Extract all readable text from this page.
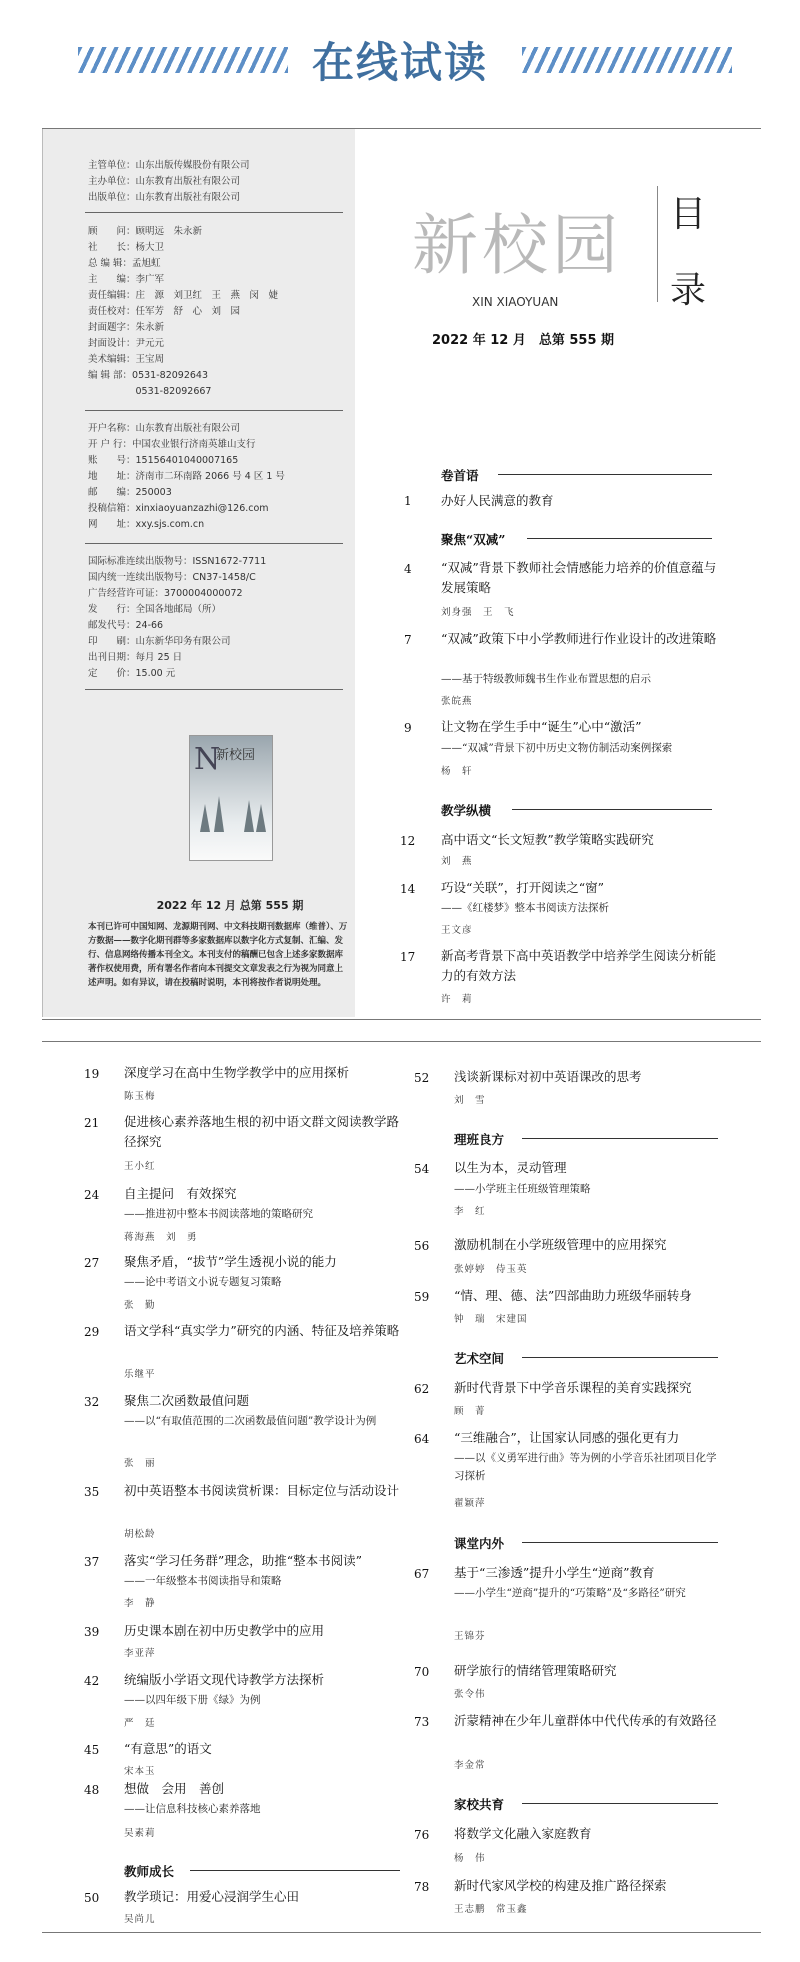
在线试读
主管单位：山东出版传媒股份有限公司
主办单位：山东教育出版社有限公司
出版单位：山东教育出版社有限公司
顾　　问：顾明远　朱永新
社　　长：杨大卫
总 编 辑：孟旭虹
主　　编：李广军
责任编辑：庄　源　刘卫红　王　燕　闵　婕
责任校对：任军芳　舒　心　刘　园
封面题字：朱永新
封面设计：尹元元
美术编辑：王宝周
编 辑 部：0531-82092643
　　　　　0531-82092667
开户名称：山东教育出版社有限公司
开 户 行：中国农业银行济南英雄山支行
账　　号：15156401040007165
地　　址：济南市二环南路 2066 号 4 区 1 号
邮　　编：250003
投稿信箱：xinxiaoyuanzazhi@126.com
网　　址：xxy.sjs.com.cn
国际标准连续出版物号：ISSN1672-7711
国内统一连续出版物号：CN37-1458/C
广告经营许可证：3700004000072
发　　行：全国各地邮局（所）
邮发代号：24-66
印　　刷：山东新华印务有限公司
出刊日期：每月 25 日
定　　价：15.00 元
N
新校园
2022 年 12 月 总第 555 期
本刊已许可中国知网、龙源期刊网、中文科技期刊数据库（维普）、万方数据——数字化期刊群等多家数据库以数字化方式复制、汇编、发行、信息网络传播本刊全文。本刊支付的稿酬已包含上述多家数据库著作权使用费，所有署名作者向本刊提交文章发表之行为视为同意上述声明。如有异议，请在投稿时说明，本刊将按作者说明处理。
新校园
XIN XIAOYUAN
目
录
2022 年 12 月　总第 555 期
卷首语
1 办好人民满意的教育
聚焦“双减”
4 “双减”背景下教师社会情感能力培养的价值意蕴与发展策略
刘身强　王　飞
7 “双减”政策下中小学教师进行作业设计的改进策略
——基于特级教师魏书生作业布置思想的启示
张皖燕
9 让文物在学生手中“诞生”心中“激活”
——“双减”背景下初中历史文物仿制活动案例探索
杨　轩
教学纵横
12 高中语文“长文短教”教学策略实践研究
刘　燕
14 巧设“关联”，打开阅读之“窗”
——《红楼梦》整本书阅读方法探析
王文彦
17 新高考背景下高中英语教学中培养学生阅读分析能力的有效方法
许　莉
19 深度学习在高中生物学教学中的应用探析
陈玉梅
21 促进核心素养落地生根的初中语文群文阅读教学路径探究
王小红
24 自主提问　有效探究
——推进初中整本书阅读落地的策略研究
蒋海燕　刘　勇
27 聚焦矛盾，“拔节”学生透视小说的能力
——论中考语文小说专题复习策略
张　勤
29 语文学科“真实学力”研究的内涵、特征及培养策略
乐继平
32 聚焦二次函数最值问题
——以“有取值范围的二次函数最值问题”教学设计为例
张　丽
35 初中英语整本书阅读赏析课：目标定位与活动设计
胡松龄
37 落实“学习任务群”理念，助推“整本书阅读”
——一年级整本书阅读指导和策略
李　静
39 历史课本剧在初中历史教学中的应用
李亚萍
42 统编版小学语文现代诗教学方法探析
——以四年级下册《绿》为例
严　廷
45 “有意思”的语文
宋本玉
48 想做　会用　善创
——让信息科技核心素养落地
吴素莉
教师成长
50 教学琐记：用爱心浸润学生心田
吴尚儿
52 浅谈新课标对初中英语课改的思考
刘　雪
理班良方
54 以生为本，灵动管理
——小学班主任班级管理策略
李　红
56 激励机制在小学班级管理中的应用探究
张婷婷　侍玉英
59 “情、理、德、法”四部曲助力班级华丽转身
钟　瑞　宋建国
艺术空间
62 新时代背景下中学音乐课程的美育实践探究
顾　菁
64 “三维融合”，让国家认同感的强化更有力
——以《义勇军进行曲》等为例的小学音乐社团项目化学习探析
翟颖萍
课堂内外
67 基于“三渗透”提升小学生“逆商”教育
——小学生“逆商”提升的“巧策略”及“多路径”研究
王锦芬
70 研学旅行的情绪管理策略研究
张令伟
73 沂蒙精神在少年儿童群体中代代传承的有效路径
李金常
家校共育
76 将数学文化融入家庭教育
杨　伟
78 新时代家风学校的构建及推广路径探索
王志鹏　常玉鑫
